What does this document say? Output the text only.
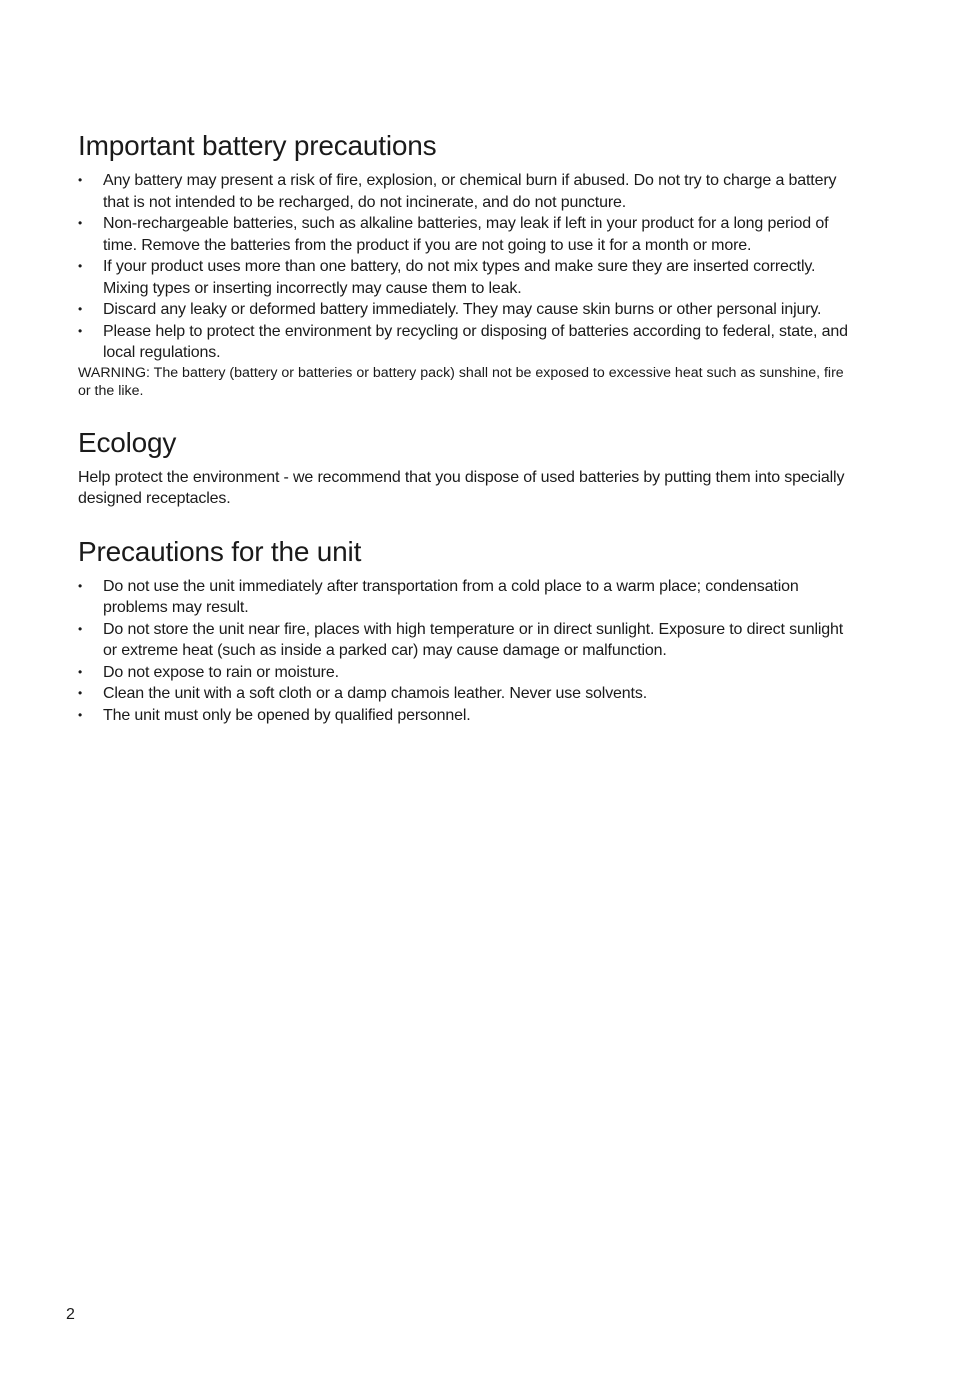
Important battery precautions
•	Any battery may present a risk of fire, explosion, or chemical burn if abused. Do not try to charge a battery that is not intended to be recharged, do not incinerate, and do not puncture.
•	Non-rechargeable batteries, such as alkaline batteries, may leak if left in your product for a long period of time. Remove the batteries from the product if you are not going to use it for a month or more.
•	If your product uses more than one battery, do not mix types and make sure they are inserted correctly. Mixing types or inserting incorrectly may cause them to leak.
•	Discard any leaky or deformed battery immediately. They may cause skin burns or other personal injury.
•	Please help to protect the environment by recycling or disposing of batteries according to federal, state, and local regulations.

WARNING: The battery (battery or batteries or battery pack) shall not be exposed to excessive heat such as sunshine, fire or the like.

Ecology

Help protect the environment - we recommend that you dispose of used batteries by putting them into specially designed receptacles.

Precautions for the unit
•	Do not use the unit immediately after transportation from a cold place to a warm place; condensation problems may result.
•	Do not store the unit near fire, places with high temperature or in direct sunlight. Exposure to direct sunlight or extreme heat (such as inside a parked car) may cause damage or malfunction.
•	Do not expose to rain or moisture.
•	Clean the unit with a soft cloth or a damp chamois leather. Never use solvents.
•	The unit must only be opened by qualified personnel.
2
